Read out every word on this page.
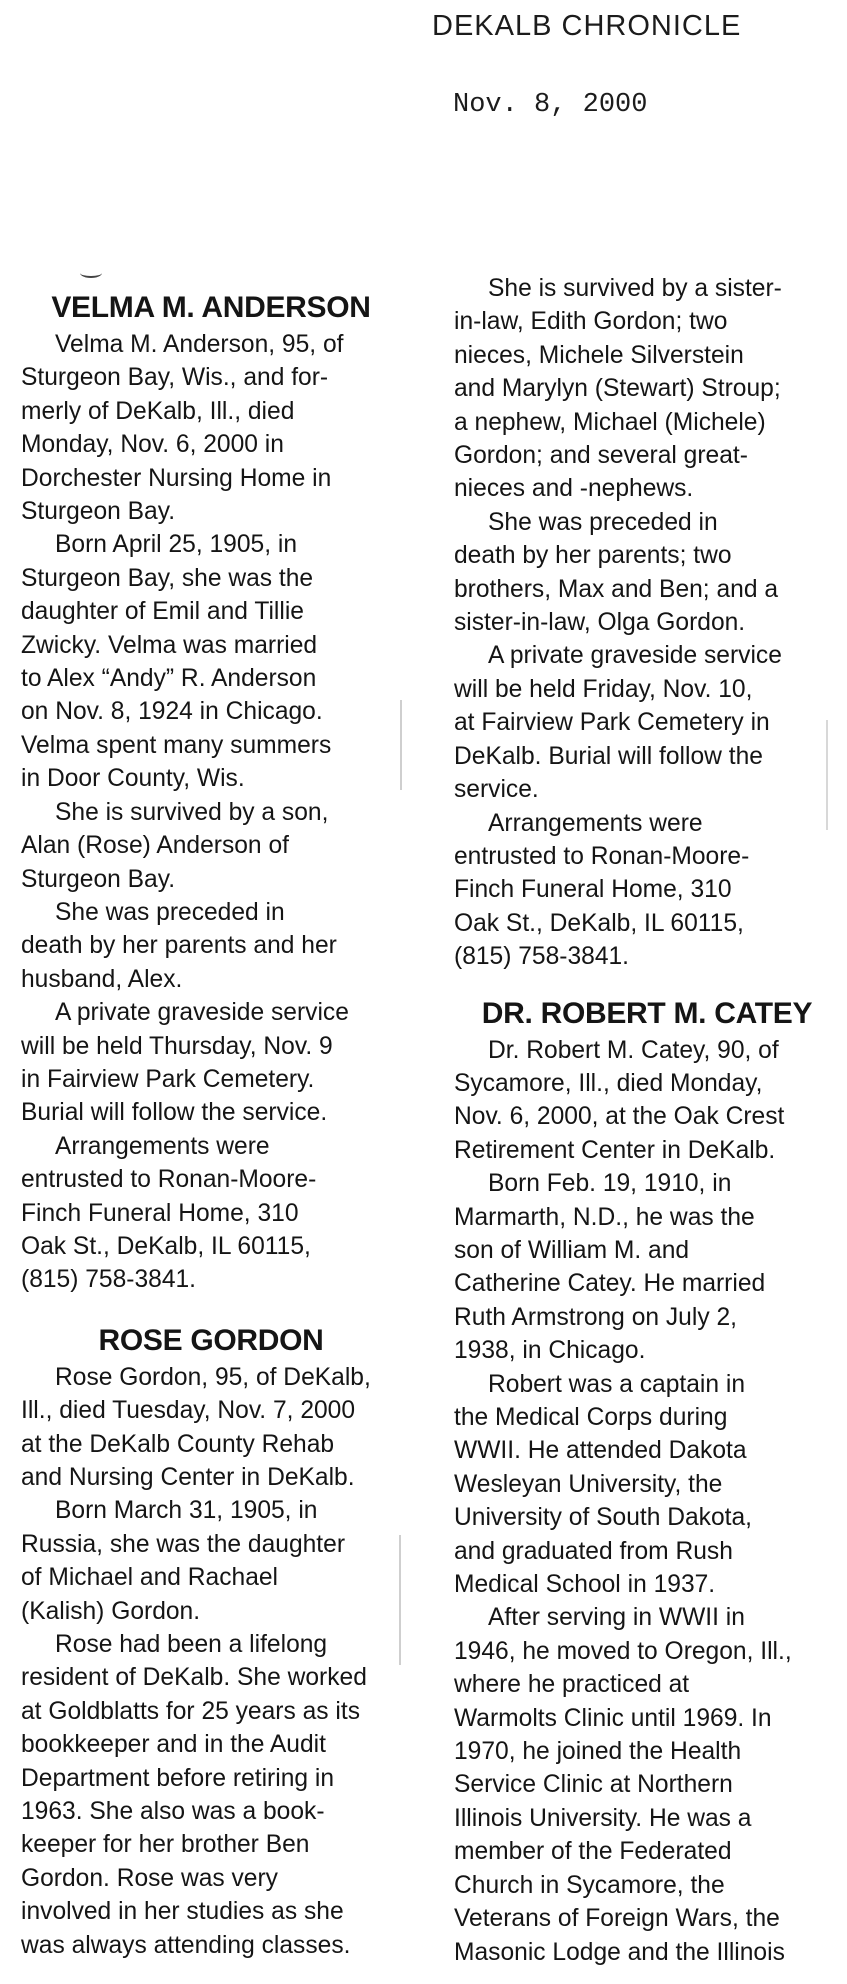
DEKALB CHRONICLE
Nov. 8, 2000
VELMA M. ANDERSON
Velma M. Anderson, 95, of
Sturgeon Bay, Wis., and for-
merly of DeKalb, Ill., died
Monday, Nov. 6, 2000 in
Dorchester Nursing Home in
Sturgeon Bay.
Born April 25, 1905, in
Sturgeon Bay, she was the
daughter of Emil and Tillie
Zwicky. Velma was married
to Alex “Andy” R. Anderson
on Nov. 8, 1924 in Chicago.
Velma spent many summers
in Door County, Wis.
She is survived by a son,
Alan (Rose) Anderson of
Sturgeon Bay.
She was preceded in
death by her parents and her
husband, Alex.
A private graveside service
will be held Thursday, Nov. 9
in Fairview Park Cemetery.
Burial will follow the service.
Arrangements were
entrusted to Ronan-Moore-
Finch Funeral Home, 310
Oak St., DeKalb, IL 60115,
(815) 758-3841.
ROSE GORDON
Rose Gordon, 95, of DeKalb,
Ill., died Tuesday, Nov. 7, 2000
at the DeKalb County Rehab
and Nursing Center in DeKalb.
Born March 31, 1905, in
Russia, she was the daughter
of Michael and Rachael
(Kalish) Gordon.
Rose had been a lifelong
resident of DeKalb. She worked
at Goldblatts for 25 years as its
bookkeeper and in the Audit
Department before retiring in
1963. She also was a book-
keeper for her brother Ben
Gordon. Rose was very
involved in her studies as she
was always attending classes.
She is survived by a sister-
in-law, Edith Gordon; two
nieces, Michele Silverstein
and Marylyn (Stewart) Stroup;
a nephew, Michael (Michele)
Gordon; and several great-
nieces and -nephews.
She was preceded in
death by her parents; two
brothers, Max and Ben; and a
sister-in-law, Olga Gordon.
A private graveside service
will be held Friday, Nov. 10,
at Fairview Park Cemetery in
DeKalb. Burial will follow the
service.
Arrangements were
entrusted to Ronan-Moore-
Finch Funeral Home, 310
Oak St., DeKalb, IL 60115,
(815) 758-3841.
DR. ROBERT M. CATEY
Dr. Robert M. Catey, 90, of
Sycamore, Ill., died Monday,
Nov. 6, 2000, at the Oak Crest
Retirement Center in DeKalb.
Born Feb. 19, 1910, in
Marmarth, N.D., he was the
son of William M. and
Catherine Catey. He married
Ruth Armstrong on July 2,
1938, in Chicago.
Robert was a captain in
the Medical Corps during
WWII. He attended Dakota
Wesleyan University, the
University of South Dakota,
and graduated from Rush
Medical School in 1937.
After serving in WWII in
1946, he moved to Oregon, Ill.,
where he practiced at
Warmolts Clinic until 1969. In
1970, he joined the Health
Service Clinic at Northern
Illinois University. He was a
member of the Federated
Church in Sycamore, the
Veterans of Foreign Wars, the
Masonic Lodge and the Illinois
